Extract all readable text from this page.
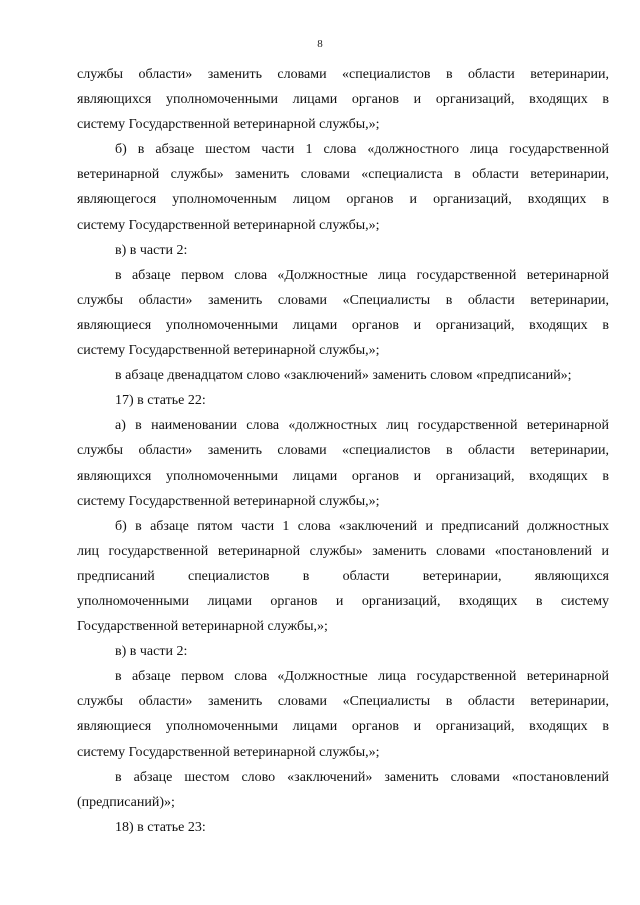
8
службы области» заменить словами «специалистов в области ветеринарии,
являющихся уполномоченными лицами органов и организаций, входящих в
систему Государственной ветеринарной службы,»;
б) в абзаце шестом части 1 слова «должностного лица государственной
ветеринарной службы» заменить словами «специалиста в области ветеринарии,
являющегося уполномоченным лицом органов и организаций, входящих в
систему Государственной ветеринарной службы,»;
в) в части 2:
в абзаце первом слова «Должностные лица государственной ветеринарной
службы области» заменить словами «Специалисты в области ветеринарии,
являющиеся уполномоченными лицами органов и организаций, входящих в
систему Государственной ветеринарной службы,»;
в абзаце двенадцатом слово «заключений» заменить словом «предписаний»;
17) в статье 22:
а) в наименовании слова «должностных лиц государственной ветеринарной
службы области» заменить словами «специалистов в области ветеринарии,
являющихся уполномоченными лицами органов и организаций, входящих в
систему Государственной ветеринарной службы,»;
б) в абзаце пятом части 1 слова «заключений и предписаний должностных
лиц государственной ветеринарной службы» заменить словами «постановлений и
предписаний специалистов в области ветеринарии, являющихся
уполномоченными лицами органов и организаций, входящих в систему
Государственной ветеринарной службы,»;
в) в части 2:
в абзаце первом слова «Должностные лица государственной ветеринарной
службы области» заменить словами «Специалисты в области ветеринарии,
являющиеся уполномоченными лицами органов и организаций, входящих в
систему Государственной ветеринарной службы,»;
в абзаце шестом слово «заключений» заменить словами «постановлений
(предписаний)»;
18) в статье 23:
